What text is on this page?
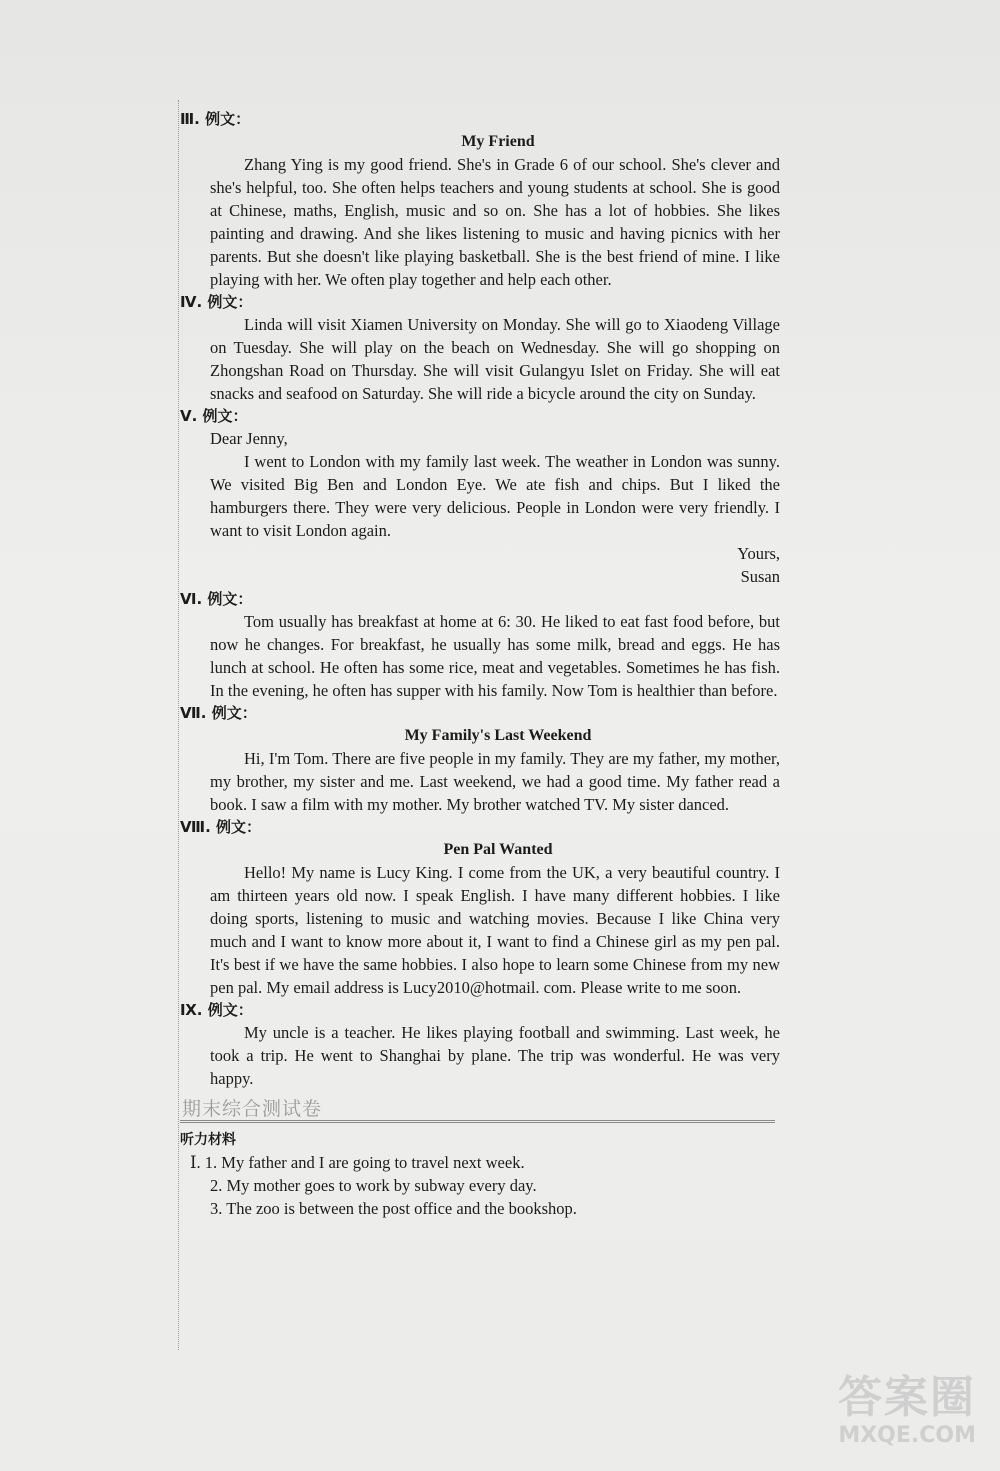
Ⅲ. 例文：

My Friend

Zhang Ying is my good friend. She's in Grade 6 of our school. She's clever and she's helpful, too. She often helps teachers and young students at school. She is good at Chinese, maths, English, music and so on. She has a lot of hobbies. She likes painting and drawing. And she likes listening to music and having picnics with her parents. But she doesn't like playing basketball. She is the best friend of mine. I like playing with her. We often play together and help each other.

Ⅳ. 例文：

Linda will visit Xiamen University on Monday. She will go to Xiaodeng Village on Tuesday. She will play on the beach on Wednesday. She will go shopping on Zhongshan Road on Thursday. She will visit Gulangyu Islet on Friday. She will eat snacks and seafood on Saturday. She will ride a bicycle around the city on Sunday.

Ⅴ. 例文：

Dear Jenny,

I went to London with my family last week. The weather in London was sunny. We visited Big Ben and London Eye. We ate fish and chips. But I liked the hamburgers there. They were very delicious. People in London were very friendly. I want to visit London again.

Yours,

Susan

Ⅵ. 例文：

Tom usually has breakfast at home at 6: 30. He liked to eat fast food before, but now he changes. For breakfast, he usually has some milk, bread and eggs. He has lunch at school. He often has some rice, meat and vegetables. Sometimes he has fish. In the evening, he often has supper with his family. Now Tom is healthier than before.

Ⅶ. 例文：

My Family's Last Weekend

Hi, I'm Tom. There are five people in my family. They are my father, my mother, my brother, my sister and me. Last weekend, we had a good time. My father read a book. I saw a film with my mother. My brother watched TV. My sister danced.

Ⅷ. 例文：

Pen Pal Wanted

Hello! My name is Lucy King. I come from the UK, a very beautiful country. I am thirteen years old now. I speak English. I have many different hobbies. I like doing sports, listening to music and watching movies. Because I like China very much and I want to know more about it, I want to find a Chinese girl as my pen pal. It's best if we have the same hobbies. I also hope to learn some Chinese from my new pen pal. My email address is Lucy2010@hotmail. com. Please write to me soon.

Ⅸ. 例文：

My uncle is a teacher. He likes playing football and swimming. Last week, he took a trip. He went to Shanghai by plane. The trip was wonderful. He was very happy.

期末综合测试卷

听力材料

Ⅰ. 1. My father and I are going to travel next week.

2. My mother goes to work by subway every day.

3. The zoo is between the post office and the bookshop.

答案圈
MXQE.COM
